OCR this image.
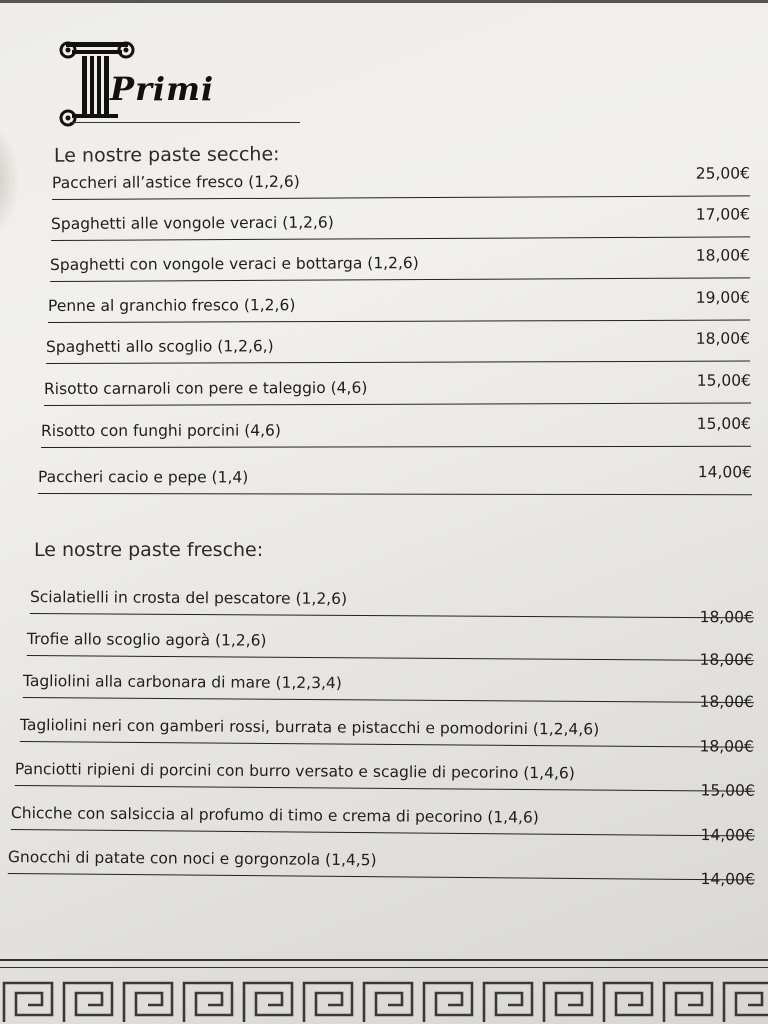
Primi
Le nostre paste secche:
Paccheri all’astice fresco (1,2,6)	25,00€
Spaghetti alle vongole veraci (1,2,6)	17,00€
Spaghetti con vongole veraci e bottarga (1,2,6)	18,00€
Penne al granchio fresco (1,2,6)	19,00€
Spaghetti allo scoglio (1,2,6,)	18,00€
Risotto carnaroli con pere e taleggio (4,6)	15,00€
Risotto con funghi porcini (4,6)	15,00€
Paccheri cacio e pepe (1,4)	14,00€
Le nostre paste fresche:
Scialatielli in crosta del pescatore (1,2,6)
18,00€
Trofie allo scoglio agorà (1,2,6)
18,00€
Tagliolini alla carbonara di mare (1,2,3,4)
18,00€
Tagliolini neri con gamberi rossi, burrata e pistacchi e pomodorini (1,2,4,6)
18,00€
Panciotti ripieni di porcini con burro versato e scaglie di pecorino (1,4,6)
15,00€
Chicche con salsiccia al profumo di timo e crema di pecorino (1,4,6)
14,00€
Gnocchi di patate con noci e gorgonzola (1,4,5)
14,00€
